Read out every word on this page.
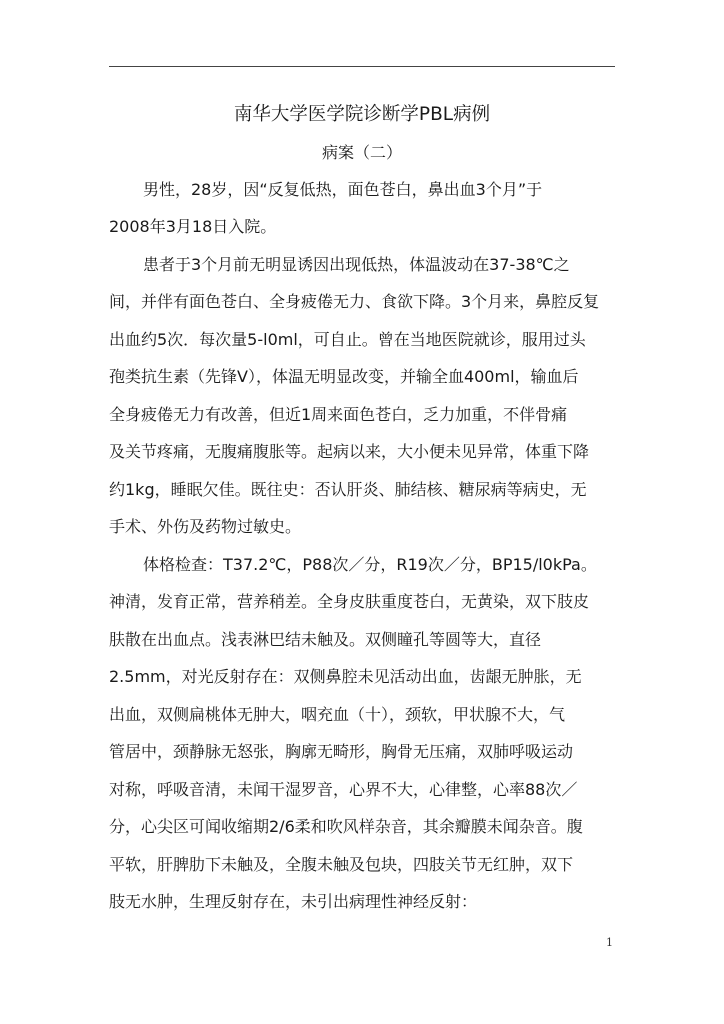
南华大学医学院诊断学PBL病例
病案（二）

男性，28岁，因“反复低热，面色苍白，鼻出血3个月”于

2008年3月18日入院。

患者于3个月前无明显诱因出现低热，体温波动在37-38℃之

间，并伴有面色苍白、全身疲倦无力、食欲下降。3个月来，鼻腔反复

出血约5次．每次量5-l0ml，可自止。曾在当地医院就诊，服用过头

孢类抗生素（先锋Ⅴ），体温无明显改变，并输全血400ml，输血后

全身疲倦无力有改善，但近1周来面色苍白，乏力加重，不伴骨痛

及关节疼痛，无腹痛腹胀等。起病以来，大小便未见异常，体重下降

约1kg，睡眠欠佳。既往史：否认肝炎、肺结核、糖尿病等病史，无

手术、外伤及药物过敏史。

体格检查：T37.2℃，P88次／分，R19次／分，BP15/l0kPa。

神清，发育正常，营养稍差。全身皮肤重度苍白，无黄染，双下肢皮

肤散在出血点。浅表淋巴结未触及。双侧瞳孔等圆等大，直径

2.5mm，对光反射存在：双侧鼻腔未见活动出血，齿龈无肿胀，无

出血，双侧扁桃体无肿大，咽充血（十），颈软，甲状腺不大，气

管居中，颈静脉无怒张，胸廓无畸形，胸骨无压痛，双肺呼吸运动

对称，呼吸音清，未闻干湿罗音，心界不大，心律整，心率88次／

分，心尖区可闻收缩期2/6柔和吹风样杂音，其余瓣膜未闻杂音。腹

平软，肝脾肋下未触及，全腹未触及包块，四肢关节无红肿，双下

肢无水肿，生理反射存在，未引出病理性神经反射：

1
